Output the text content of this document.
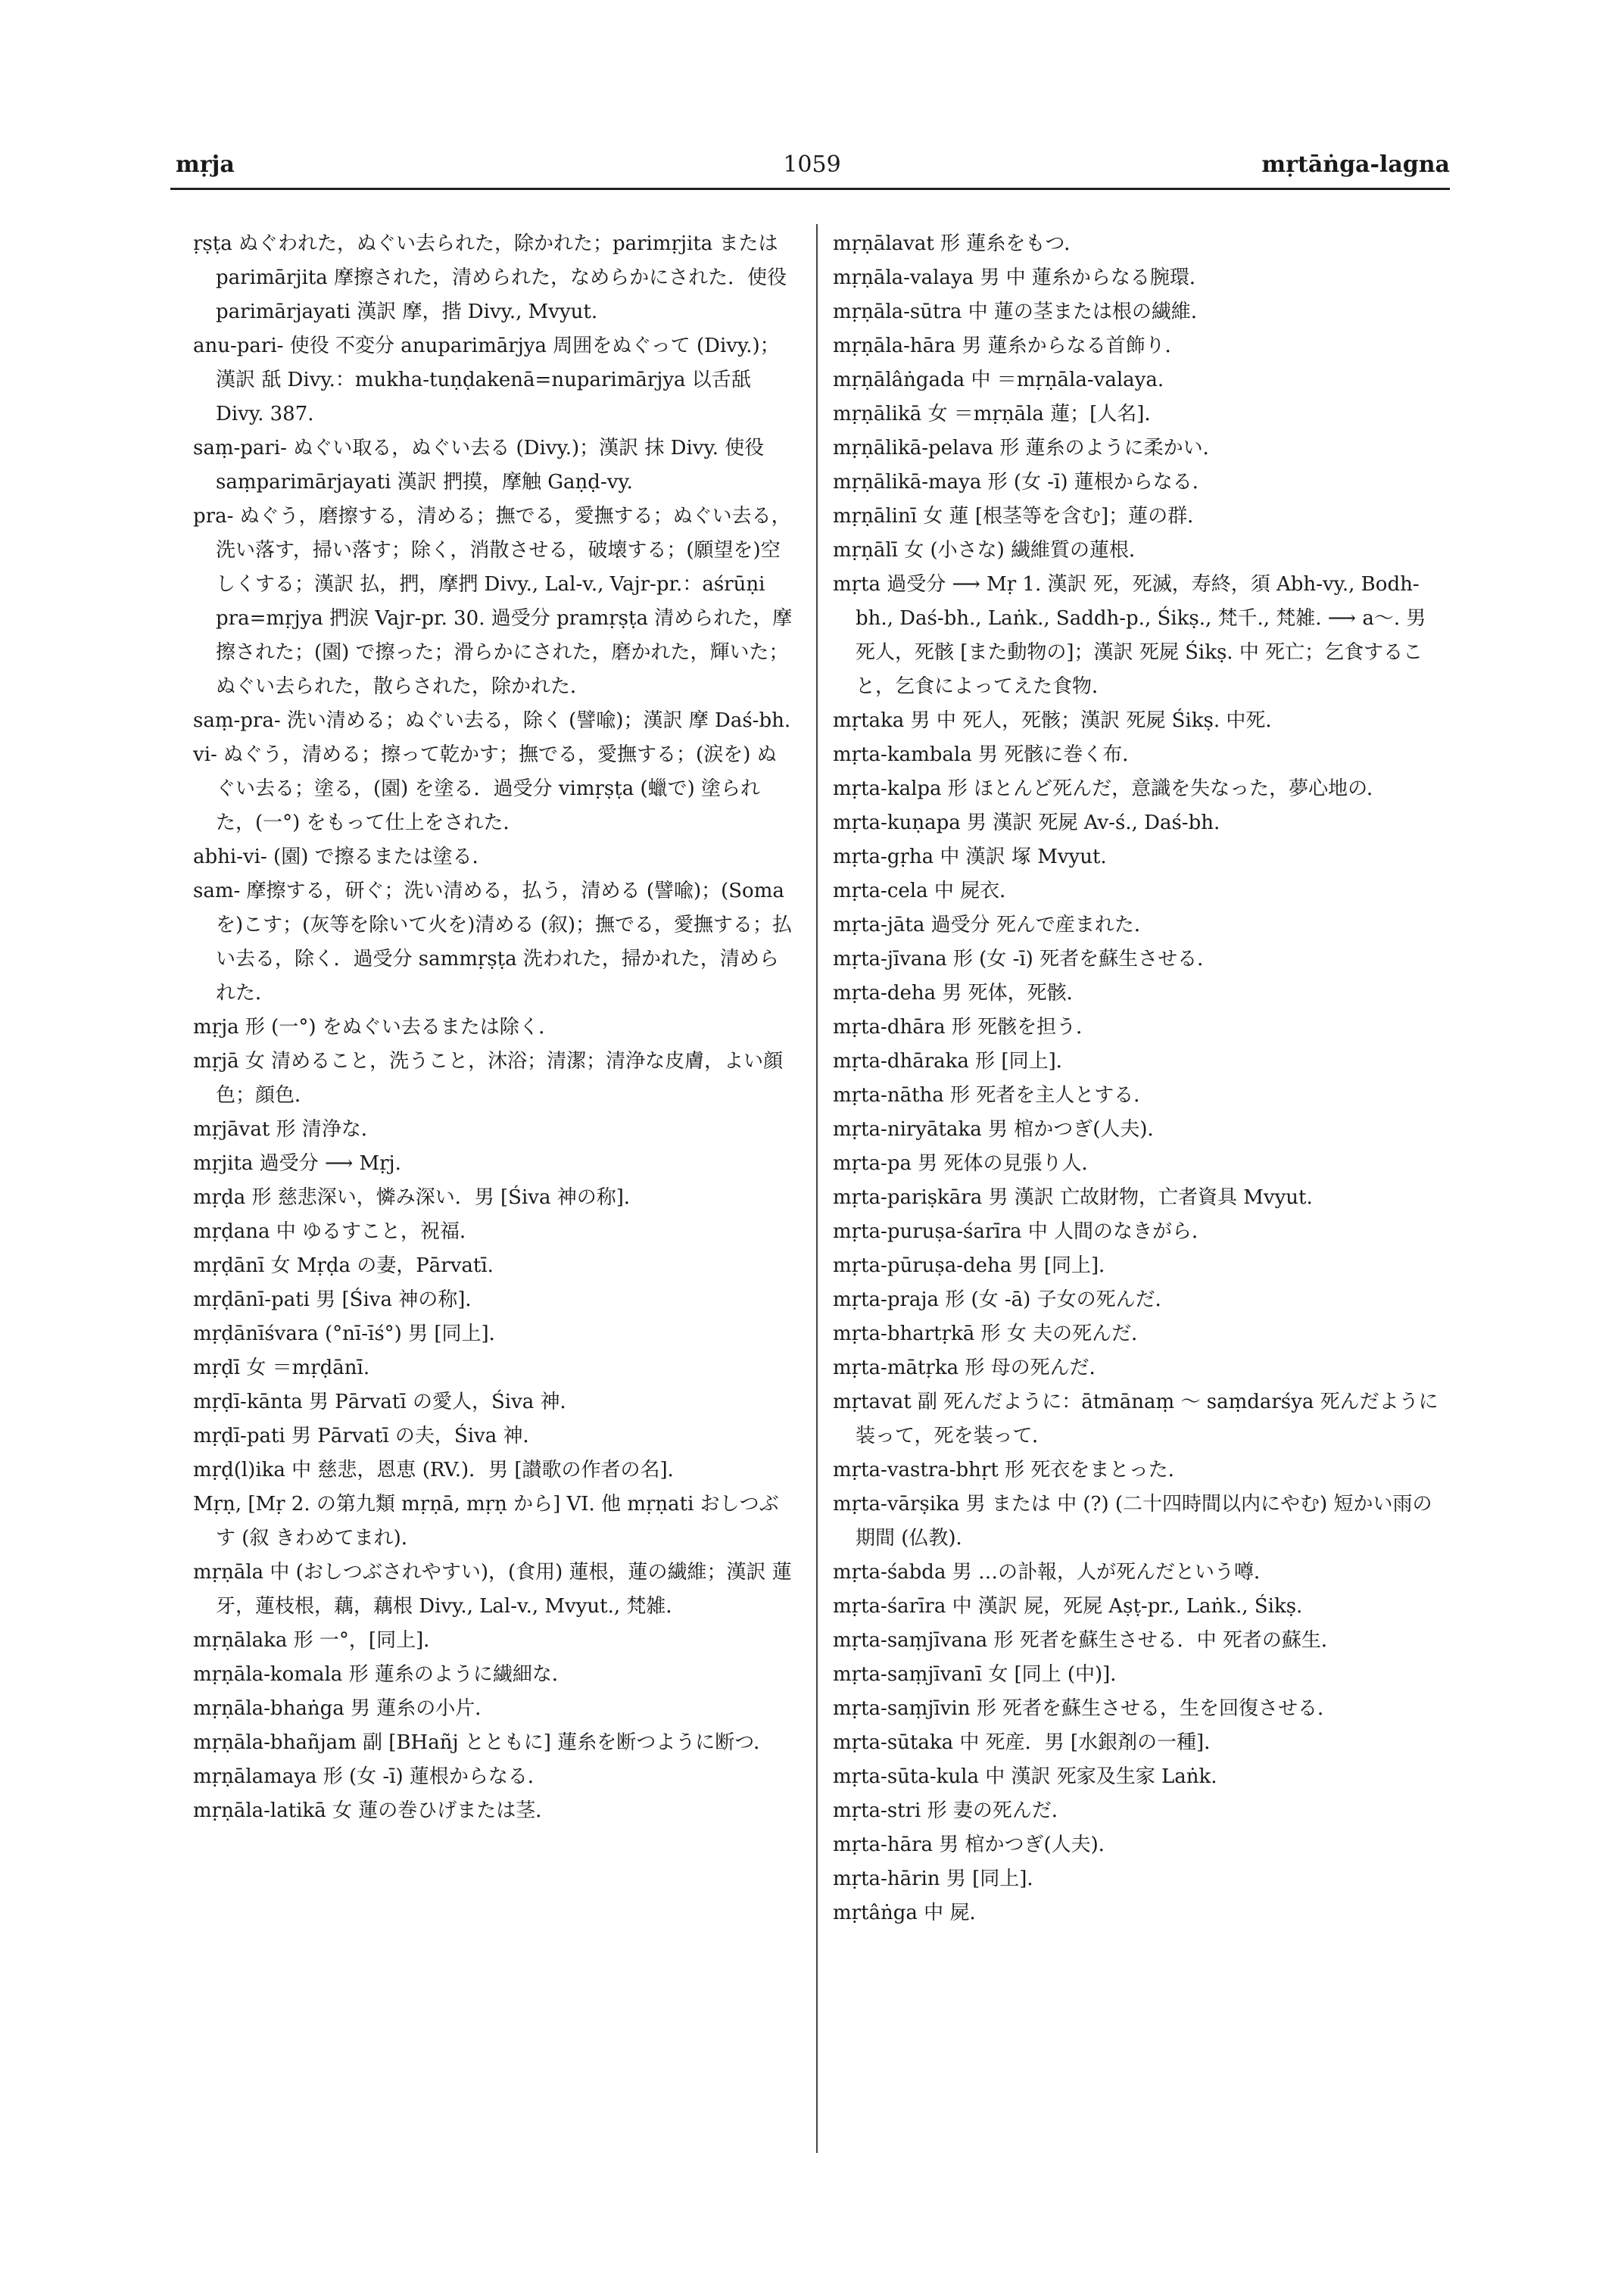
mṛja	1059	mṛtāṅga-lagna
ṛṣṭa ぬぐわれた，ぬぐい去られた，除かれた；parimṛjita または parimārjita 摩擦された，清められた，なめらかにされた．使役 parimārjayati 漢訳 摩，揩 Divy., Mvyut.
anu-pari- 使役 不変分 anuparimārjya 周囲をぬぐって (Divy.)；漢訳 舐 Divy.：mukha-tuṇḍakenā=nuparimārjya 以舌舐 Divy. 387.
saṃ-pari- ぬぐい取る，ぬぐい去る (Divy.)；漢訳 抹 Divy. 使役 saṃparimārjayati 漢訳 捫摸，摩触 Gaṇḍ-vy.
pra- ぬぐう，磨擦する，清める；撫でる，愛撫する；ぬぐい去る，洗い落す，掃い落す；除く，消散させる，破壊する；(願望を)空しくする；漢訳 払，捫，摩捫 Divy., Lal-v., Vajr-pr.：aśrūṇi pra=mṛjya 捫涙 Vajr-pr. 30. 過受分 pramṛṣṭa 清められた，摩擦された；(園) で擦った；滑らかにされた，磨かれた，輝いた；ぬぐい去られた，散らされた，除かれた．
saṃ-pra- 洗い清める；ぬぐい去る，除く (譬喩)；漢訳 摩 Daś-bh.
vi- ぬぐう，清める；擦って乾かす；撫でる，愛撫する；(涙を) ぬぐい去る；塗る，(園) を塗る．過受分 vimṛṣṭa (蠟で) 塗られた，(一°) をもって仕上をされた．
abhi-vi- (園) で擦るまたは塗る．
sam- 摩擦する，研ぐ；洗い清める，払う，清める (譬喩)；(Soma を)こす；(灰等を除いて火を)清める (叙)；撫でる，愛撫する；払い去る，除く．過受分 sammṛṣṭa 洗われた，掃かれた，清められた．
mṛja 形 (一°) をぬぐい去るまたは除く．
mṛjā 女 清めること，洗うこと，沐浴；清潔；清浄な皮膚，よい顔色；顔色．
mṛjāvat 形 清浄な．
mṛjita 過受分 ⟶ Mṛj.
mṛḍa 形 慈悲深い，憐み深い．男 [Śiva 神の称]．
mṛḍana 中 ゆるすこと，祝福．
mṛḍānī 女 Mṛḍa の妻，Pārvatī.
mṛḍānī-pati 男 [Śiva 神の称]．
mṛḍānīśvara (°nī-īś°) 男 [同上]．
mṛḍī 女 ＝mṛḍānī.
mṛḍī-kānta 男 Pārvatī の愛人，Śiva 神．
mṛḍī-pati 男 Pārvatī の夫，Śiva 神．
mṛḍ(l)ika 中 慈悲，恩恵 (RV.)．男 [讃歌の作者の名]．
Mṛṇ, [Mṛ 2. の第九類 mṛṇā, mṛṇ から] VI. 他 mṛṇati おしつぶす (叙 きわめてまれ)．
mṛṇāla 中 (おしつぶされやすい)，(食用) 蓮根，蓮の繊維；漢訳 蓮牙，蓮枝根，藕，藕根 Divy., Lal-v., Mvyut., 梵雑．
mṛṇālaka 形 一°，[同上]．
mṛṇāla-komala 形 蓮糸のように繊細な．
mṛṇāla-bhaṅga 男 蓮糸の小片．
mṛṇāla-bhañjam 副 [BHañj とともに] 蓮糸を断つように断つ．
mṛṇālamaya 形 (女 -ī) 蓮根からなる．
mṛṇāla-latikā 女 蓮の巻ひげまたは茎．
mṛṇālavat 形 蓮糸をもつ．
mṛṇāla-valaya 男 中 蓮糸からなる腕環．
mṛṇāla-sūtra 中 蓮の茎または根の繊維．
mṛṇāla-hāra 男 蓮糸からなる首飾り．
mṛṇālâṅgada 中 ＝mṛṇāla-valaya.
mṛṇālikā 女 ＝mṛṇāla 蓮；[人名]．
mṛṇālikā-pelava 形 蓮糸のように柔かい．
mṛṇālikā-maya 形 (女 -ī) 蓮根からなる．
mṛṇālinī 女 蓮 [根茎等を含む]；蓮の群．
mṛṇālī 女 (小さな) 繊維質の蓮根．
mṛta 過受分 ⟶ Mṛ 1. 漢訳 死，死滅，寿終，須 Abh-vy., Bodh-bh., Daś-bh., Laṅk., Saddh-p., Śikṣ., 梵千., 梵雑. ⟶ a～. 男 死人，死骸 [また動物の]；漢訳 死屍 Śikṣ. 中 死亡；乞食すること，乞食によってえた食物．
mṛtaka 男 中 死人，死骸；漢訳 死屍 Śikṣ. 中死．
mṛta-kambala 男 死骸に巻く布．
mṛta-kalpa 形 ほとんど死んだ，意識を失なった，夢心地の．
mṛta-kuṇapa 男 漢訳 死屍 Av-ś., Daś-bh.
mṛta-gṛha 中 漢訳 塚 Mvyut.
mṛta-cela 中 屍衣．
mṛta-jāta 過受分 死んで産まれた．
mṛta-jīvana 形 (女 -ī) 死者を蘇生させる．
mṛta-deha 男 死体，死骸．
mṛta-dhāra 形 死骸を担う．
mṛta-dhāraka 形 [同上]．
mṛta-nātha 形 死者を主人とする．
mṛta-niryātaka 男 棺かつぎ(人夫)．
mṛta-pa 男 死体の見張り人．
mṛta-pariṣkāra 男 漢訳 亡故財物，亡者資具 Mvyut.
mṛta-puruṣa-śarīra 中 人間のなきがら．
mṛta-pūruṣa-deha 男 [同上]．
mṛta-praja 形 (女 -ā) 子女の死んだ．
mṛta-bhartṛkā 形 女 夫の死んだ．
mṛta-mātṛka 形 母の死んだ．
mṛtavat 副 死んだように：ātmānaṃ ～ saṃdarśya 死んだように装って，死を装って．
mṛta-vastra-bhṛt 形 死衣をまとった．
mṛta-vārṣika 男 または 中 (?) (二十四時間以内にやむ) 短かい雨の期間 (仏教)．
mṛta-śabda 男 …の訃報，人が死んだという噂．
mṛta-śarīra 中 漢訳 屍，死屍 Aṣṭ-pr., Laṅk., Śikṣ.
mṛta-saṃjīvana 形 死者を蘇生させる．中 死者の蘇生．
mṛta-saṃjīvanī 女 [同上 (中)]．
mṛta-saṃjīvin 形 死者を蘇生させる，生を回復させる．
mṛta-sūtaka 中 死産．男 [水銀剤の一種]．
mṛta-sūta-kula 中 漢訳 死家及生家 Laṅk.
mṛta-stri 形 妻の死んだ．
mṛta-hāra 男 棺かつぎ(人夫)．
mṛta-hārin 男 [同上]．
mṛtâṅga 中 屍．
